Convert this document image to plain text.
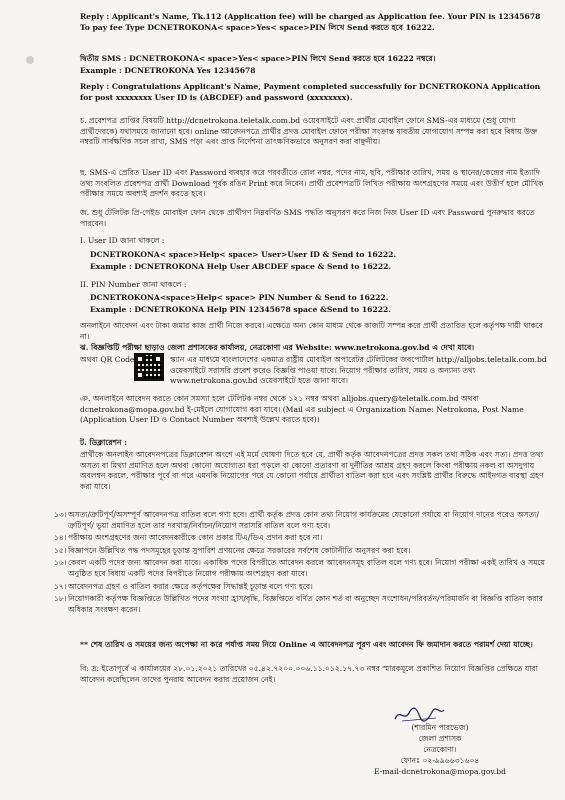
Reply : Applicant's Name, Tk.112 (Application fee) will be charged as Application fee. Your PIN is 12345678 To pay fee Type DCNETROKONA< space>Yes< space>PIN লিখে Send করতে হবে 16222.
দ্বিতীয় SMS : DCNETROKONA< space>Yes< space>PIN লিখে Send করতে হবে 16222 নম্বরে।
Example : DCNETROKONA Yes 12345678
Reply : Congratulations Applicant's Name, Payment completed successfully for DCNETROKONA Application for post xxxxxxxx User ID is (ABCDEF) and password (xxxxxxxx).
চ. প্রবেশপত্র প্রাপ্তির বিষয়টি http://dcnetrokona.teletalk.com.bd ওয়েবসাইটে এবং প্রার্থীর মোবাইল ফোনে SMS-এর মাধ্যমে (শুধু যোগ্য প্রার্থীদেরকে) যথাসময়ে জানানো হবে। online আবেদনপত্রে প্রার্থীর প্রদত্ত মোবাইল ফোনে পরীক্ষা সংক্রান্ত যাবতীয় যোগাযোগ সম্পন্ন করা হবে বিধায় উক্ত নম্বরটি সার্বক্ষণিক সচল রাখা, SMS পড়া এবং প্রাপ্ত নির্দেশনা তাৎক্ষণিকভাবে অনুসরণ করা বাঞ্ছনীয়।
ছ. SMS-এ প্রেরিত User ID এবং Password ব্যবহার করে পরবর্তীতে রোল নম্বর, পদের নাম, ছবি, পরীক্ষার তারিখ, সময় ও স্থানের/কেন্দ্রের নাম ইত্যাদি তথ্য সংবলিত প্রবেশপত্র প্রার্থী Download পূর্বক রঙিন Print করে নিবেন। প্রার্থী প্রবেশপত্রটি লিখিত পরীক্ষায় অংশগ্রহণের সময়ে এবং উত্তীর্ণ হলে মৌখিক পরীক্ষার সময়ে অবশ্যই প্রদর্শন করতে হবে।
জ. শুধু টেলিটক প্রি-পেইড মোবাইল ফোন থেকে প্রার্থীগণ নিম্নবর্ণিত SMS পদ্ধতি অনুসরণ করে নিজ নিজ User ID এবং Password পুনরুদ্ধার করতে পারবেন।
I. User ID জানা থাকলে :
DCNETROKONA< space>Help< space> User>User ID & Send to 16222.
Example : DCNETROKONA Help User ABCDEF space & Send to 16222.
II. PIN Number জানা থাকলে :
DCNETROKONA<space>Help< space> PIN Number & Send to 16222.
Example : DCNETROKONA Help PIN 12345678 space &Send to 16222.
অনলাইনে আবেদন এবং টাকা জমার কাজ প্রার্থী নিজে করবে। এক্ষেত্রে অন্য কোন মাধ্যম থেকে কাজটি সম্পন্ন করে প্রার্থী প্রতারিত হলে কর্তৃপক্ষ দায়ী থাকবে না।
ঝ. বিজ্ঞপ্তিটি পরীক্ষা ছাড়াও জেলা প্রশাসকের কার্যালয়, নেত্রকোণা এর Website: www.netrokona.gov.bd এ দেখা যাবে।
অথবা QR Code	স্ক্যান এর মাধ্যমে বাংলাদেশের একমাত্র রাষ্ট্রীয় মোবাইল অপারেটর টেলিটকের জবপোর্টাল http://alljobs.teletalk.com.bd ওয়েবসাইটে সরাসরি প্রবেশ করেও বিজ্ঞপ্তি পাওয়া যাবে। নিয়োগ পরীক্ষার তারিখ, সময় ও অন্যান্য তথ্য www.netrokona.gov.bd ওয়েবসাইটে হতে জানা যাবে।
ঞ. অনলাইনে আবেদন করতে কোন সমস্যা হলে টেলিটক নম্বর থেকে ১২১ নম্বর অথবা alljobs.query@teletalk.com.bd অথবা dcnetrokona@mopa.gov.bd ই-মেইলে যোগাযোগ করা যাবে। (Mail এর subject এ Organization Name: Netrokona, Post Name (Application User ID ও Contact Number অবশ্যই উল্লেখ করতে হবে)।
ট. ডিক্লারেশন :
প্রার্থীকে অনলাইন আবেদনপত্রের ডিক্লারেশন অংশে এই মর্মে ঘোষণা দিতে হবে যে, প্রার্থী কর্তৃক আবেদনপত্রের প্রদত্ত সকল তথ্য সঠিক এবং সত্য। প্রদত্ত তথ্য অসত্য বা মিথ্যা প্রমাণিত হলে অথবা কোনো অযোগ্যতা ধরা পড়লে বা কোনো প্রতারণা বা দুর্নীতির আশ্রয় গ্রহণ করলে কিংবা পরীক্ষায় নকল বা অসদুপায় অবলম্বন করলে, পরীক্ষার পূর্বে বা পরে এমনকি নিয়োগের পরে যে কোনো পর্যায়ে প্রার্থীতা বাতিল করা হবে এবং সংশ্লিষ্ট প্রার্থীর বিরুদ্ধে আইনগত ব্যবস্থা গ্রহণ করা যাবে।
১৩। অসত্য/ত্রুটিপূর্ণ/অসম্পূর্ণ আবেদনপত্র বাতিল বলে গণ্য হবে। প্রার্থী কর্তৃক প্রদত্ত কোন তথ্য নিয়োগ কার্যক্রমের যেকোনো পর্যায়ে বা নিয়োগ দানের পরেও অসত্য/ত্রুটিপূর্ণ/ ভুয়া প্রমাণিত হলে তার দরখাস্ত/নির্বাচন/নিয়োগ সরাসরি বাতিল বলে গণ্য হবে।
১৪। পরীক্ষায় অংশগ্রহণের জন্য আবেদনকারীকে কোন প্রকার টিএ/ডিএ প্রদান করা হবে না।
১৫। বিজ্ঞাপনে উল্লিখিত পদ্ধ পদসমূহের চূড়ান্ত সুপারিশ প্রণয়নের ক্ষেত্রে সরকারের সর্বশেষ কোটানীতি অনুসরণ করা হবে।
১৬। কেবল একটি পদের জন্য আবেদন করা যাবে। একাধিক পদের বিপরীতে আবেদন করলে আবেদনসমূহ বাতিল বলে গণ্য হবে। নিয়োগ পরীক্ষা একই তারিখ ও সময়ে অনুষ্ঠিত হবে বিধায় একটি পদের বিপরীতে নিয়োগ পরীক্ষায় অংশগ্রহণ করা যাবে।
১৭। আবেদনপত্র গ্রহণ ও বাতিল করার ক্ষেত্রে কর্তৃপক্ষের সিদ্ধান্তই চূড়ান্ত বলে গণ্য হবে।
১৮। নিয়োগকারী কর্তৃপক্ষ বিজ্ঞপ্তিতে উল্লিখিত পদের সংখ্যা হ্রাস/বৃদ্ধি, বিজ্ঞপ্তিতে বর্ণিত কোন শর্ত বা অনুচ্ছেদ সংশোধন/পরিবর্তন/পরিমার্জন বা বিজ্ঞপ্তি বাতিল করার অধিকার সংরক্ষণ করেন।
** শেষ তারিখ ও সময়ের জন্য অপেক্ষা না করে পর্যাপ্ত সময় নিয়ে Online এ আবেদনপত্র পূরণ এবং আবেদন ফি জমাদান করতে পরামর্শ দেয়া যাচ্ছে।
বি: দ্র: ইতোপূর্বে এ কার্যালয়ের ২৮.০১.২০২১ তারিখের ০৫.৪২.৭২০০.০০৬.১১.০১২.১৭.৭৩ নম্বর স্মারকমূলে প্রকাশিত নিয়োগ বিজ্ঞপ্তির প্রেক্ষিতে যারা আবেদন করেছিলেন তাদের পুনরায় আবেদন করার প্রয়োজন নেই।
(শারমিন পারভেজ)
জেলা প্রশাসক
নেত্রকোণা।
ফোনঃ ০২-৯৯৬৬৩১৬০৪
E-mail-dcnetrokona@mopa.gov.bd
